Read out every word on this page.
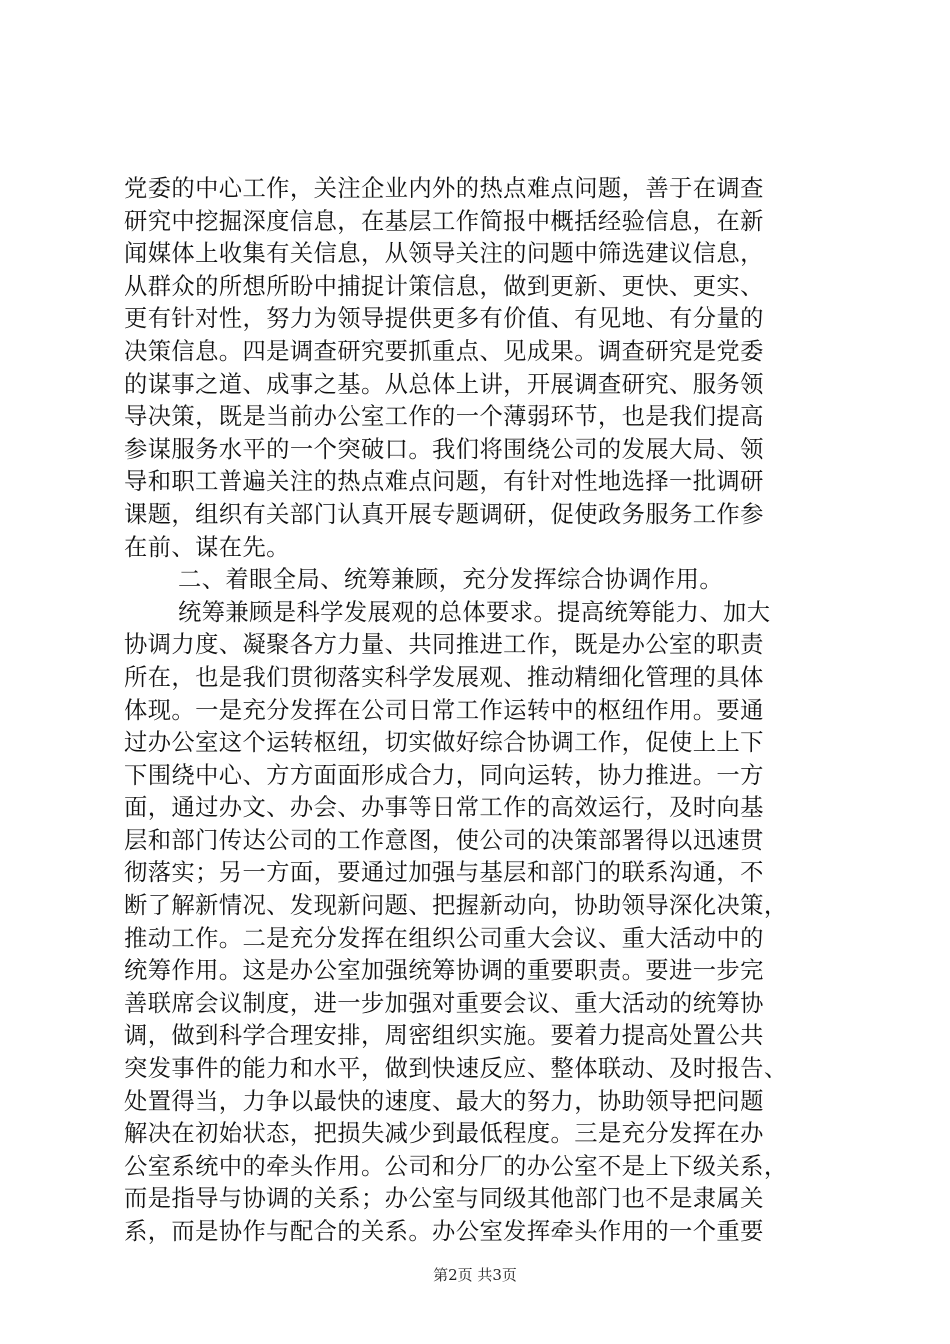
党委的中心工作，关注企业内外的热点难点问题，善于在调查
研究中挖掘深度信息，在基层工作简报中概括经验信息，在新
闻媒体上收集有关信息，从领导关注的问题中筛选建议信息，
从群众的所想所盼中捕捉计策信息，做到更新、更快、更实、
更有针对性，努力为领导提供更多有价值、有见地、有分量的
决策信息。四是调查研究要抓重点、见成果。调查研究是党委
的谋事之道、成事之基。从总体上讲，开展调查研究、服务领
导决策，既是当前办公室工作的一个薄弱环节，也是我们提高
参谋服务水平的一个突破口。我们将围绕公司的发展大局、领
导和职工普遍关注的热点难点问题，有针对性地选择一批调研
课题，组织有关部门认真开展专题调研，促使政务服务工作参
在前、谋在先。
二、着眼全局、统筹兼顾，充分发挥综合协调作用。
统筹兼顾是科学发展观的总体要求。提高统筹能力、加大
协调力度、凝聚各方力量、共同推进工作，既是办公室的职责
所在，也是我们贯彻落实科学发展观、推动精细化管理的具体
体现。一是充分发挥在公司日常工作运转中的枢纽作用。要通
过办公室这个运转枢纽，切实做好综合协调工作，促使上上下
下围绕中心、方方面面形成合力，同向运转，协力推进。一方
面，通过办文、办会、办事等日常工作的高效运行，及时向基
层和部门传达公司的工作意图，使公司的决策部署得以迅速贯
彻落实；另一方面，要通过加强与基层和部门的联系沟通，不
断了解新情况、发现新问题、把握新动向，协助领导深化决策，
推动工作。二是充分发挥在组织公司重大会议、重大活动中的
统筹作用。这是办公室加强统筹协调的重要职责。要进一步完
善联席会议制度，进一步加强对重要会议、重大活动的统筹协
调，做到科学合理安排，周密组织实施。要着力提高处置公共
突发事件的能力和水平，做到快速反应、整体联动、及时报告、
处置得当，力争以最快的速度、最大的努力，协助领导把问题
解决在初始状态，把损失减少到最低程度。三是充分发挥在办
公室系统中的牵头作用。公司和分厂的办公室不是上下级关系，
而是指导与协调的关系；办公室与同级其他部门也不是隶属关
系，而是协作与配合的关系。办公室发挥牵头作用的一个重要
第2页 共3页
